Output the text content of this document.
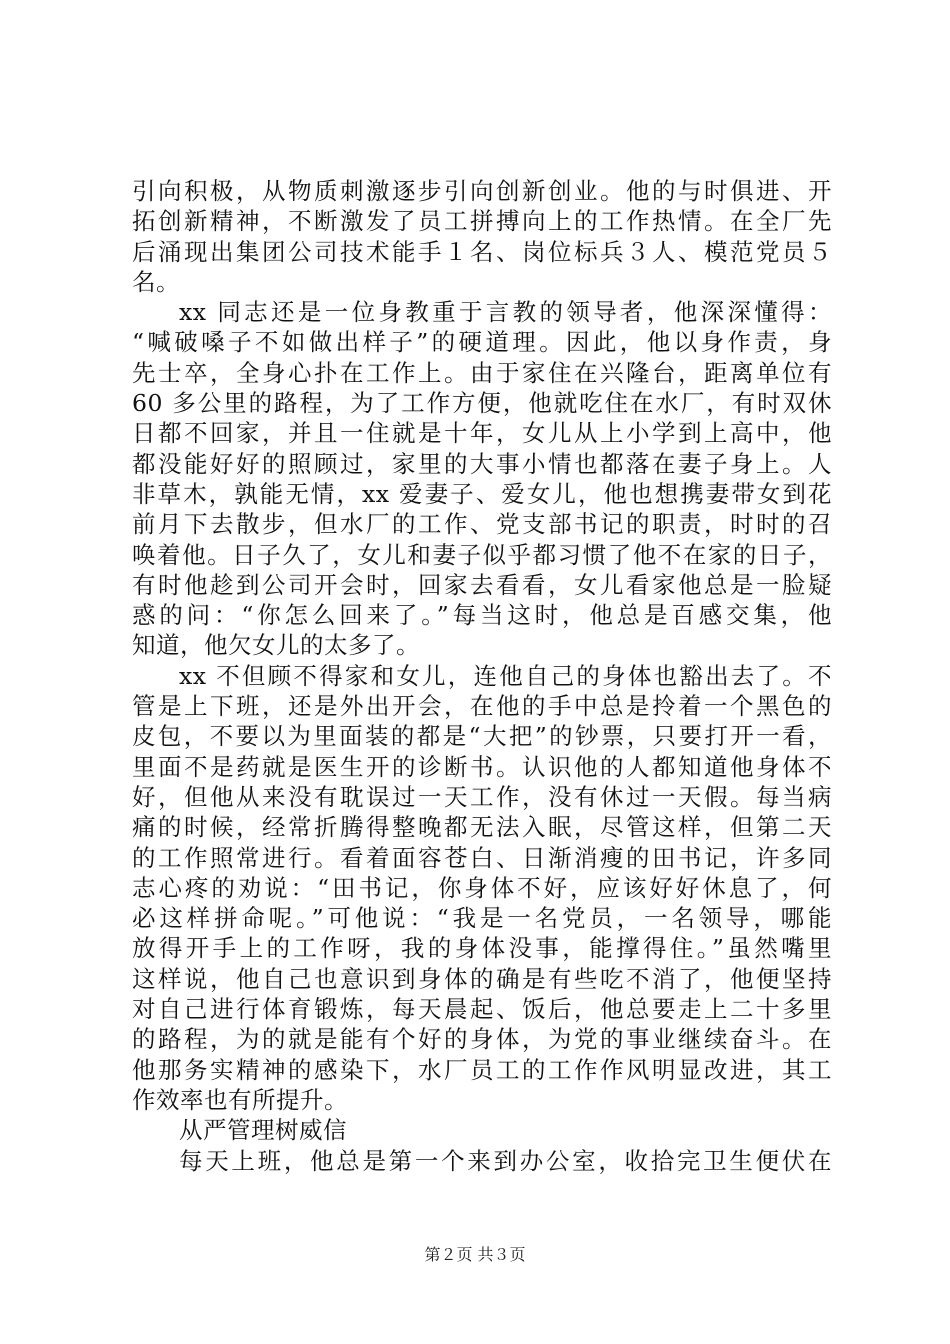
引向积极，从物质刺激逐步引向创新创业。他的与时俱进、开
拓创新精神，不断激发了员工拼搏向上的工作热情。在全厂先
后涌现出集团公司技术能手１名、岗位标兵３人、模范党员５
名。
xx 同志还是一位身教重于言教的领导者，他深深懂得：
“喊破嗓子不如做出样子”的硬道理。因此，他以身作责，身
先士卒，全身心扑在工作上。由于家住在兴隆台，距离单位有
60 多公里的路程，为了工作方便，他就吃住在水厂，有时双休
日都不回家，并且一住就是十年，女儿从上小学到上高中，他
都没能好好的照顾过，家里的大事小情也都落在妻子身上。人
非草木，孰能无情，xx 爱妻子、爱女儿，他也想携妻带女到花
前月下去散步，但水厂的工作、党支部书记的职责，时时的召
唤着他。日子久了，女儿和妻子似乎都习惯了他不在家的日子，
有时他趁到公司开会时，回家去看看，女儿看家他总是一脸疑
惑的问：“你怎么回来了。”每当这时，他总是百感交集，他
知道，他欠女儿的太多了。
xx 不但顾不得家和女儿，连他自己的身体也豁出去了。不
管是上下班，还是外出开会，在他的手中总是拎着一个黑色的
皮包，不要以为里面装的都是“大把”的钞票，只要打开一看，
里面不是药就是医生开的诊断书。认识他的人都知道他身体不
好，但他从来没有耽误过一天工作，没有休过一天假。每当病
痛的时候，经常折腾得整晚都无法入眠，尽管这样，但第二天
的工作照常进行。看着面容苍白、日渐消瘦的田书记，许多同
志心疼的劝说：“田书记，你身体不好，应该好好休息了，何
必这样拼命呢。”可他说：“我是一名党员，一名领导，哪能
放得开手上的工作呀，我的身体没事，能撑得住。”虽然嘴里
这样说，他自己也意识到身体的确是有些吃不消了，他便坚持
对自己进行体育锻炼，每天晨起、饭后，他总要走上二十多里
的路程，为的就是能有个好的身体，为党的事业继续奋斗。在
他那务实精神的感染下，水厂员工的工作作风明显改进，其工
作效率也有所提升。
从严管理树威信
每天上班，他总是第一个来到办公室，收拾完卫生便伏在
第２页 共３页
